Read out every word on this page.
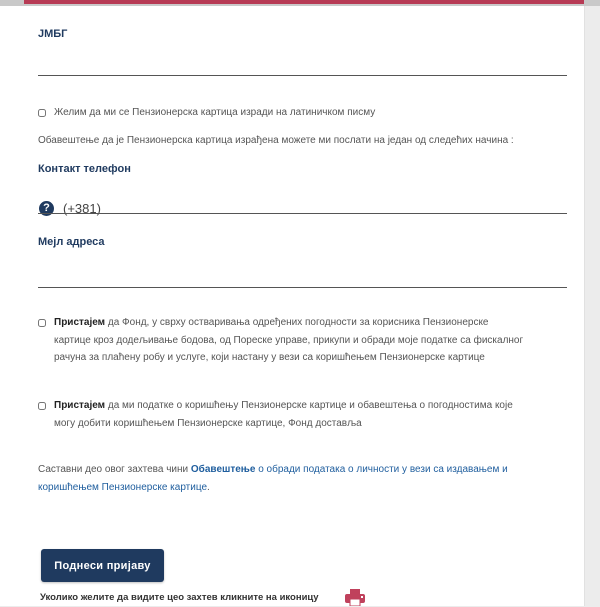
ЈМБГ
Желим да ми се Пензионерска картица изради на латиничком писму
Обавештење да је Пензионерска картица израђена можете ми послати на један од следећих начина :
Контакт телефон
?	(+381)
Мејл адреса
Пристајем да Фонд, у сврху остваривања одређених погодности за корисника Пензионерске
картице кроз додељивање бодова, од Пореске управе, прикупи и обради моје податке са фискалног
рачуна за плаћену робу и услуге, који настану у вези са коришћењем Пензионерске картице
Пристајем да ми податке о коришћењу Пензионерске картице и обавештења о погодностима које
могу добити коришћењем Пензионерске картице, Фонд доставља
Саставни део овог захтева чини Обавештење о обради података о личности у вези са издавањем и
коришћењем Пензионерске картице.
Поднеси пријаву
Уколико желите да видите цео захтев кликните на иконицу
